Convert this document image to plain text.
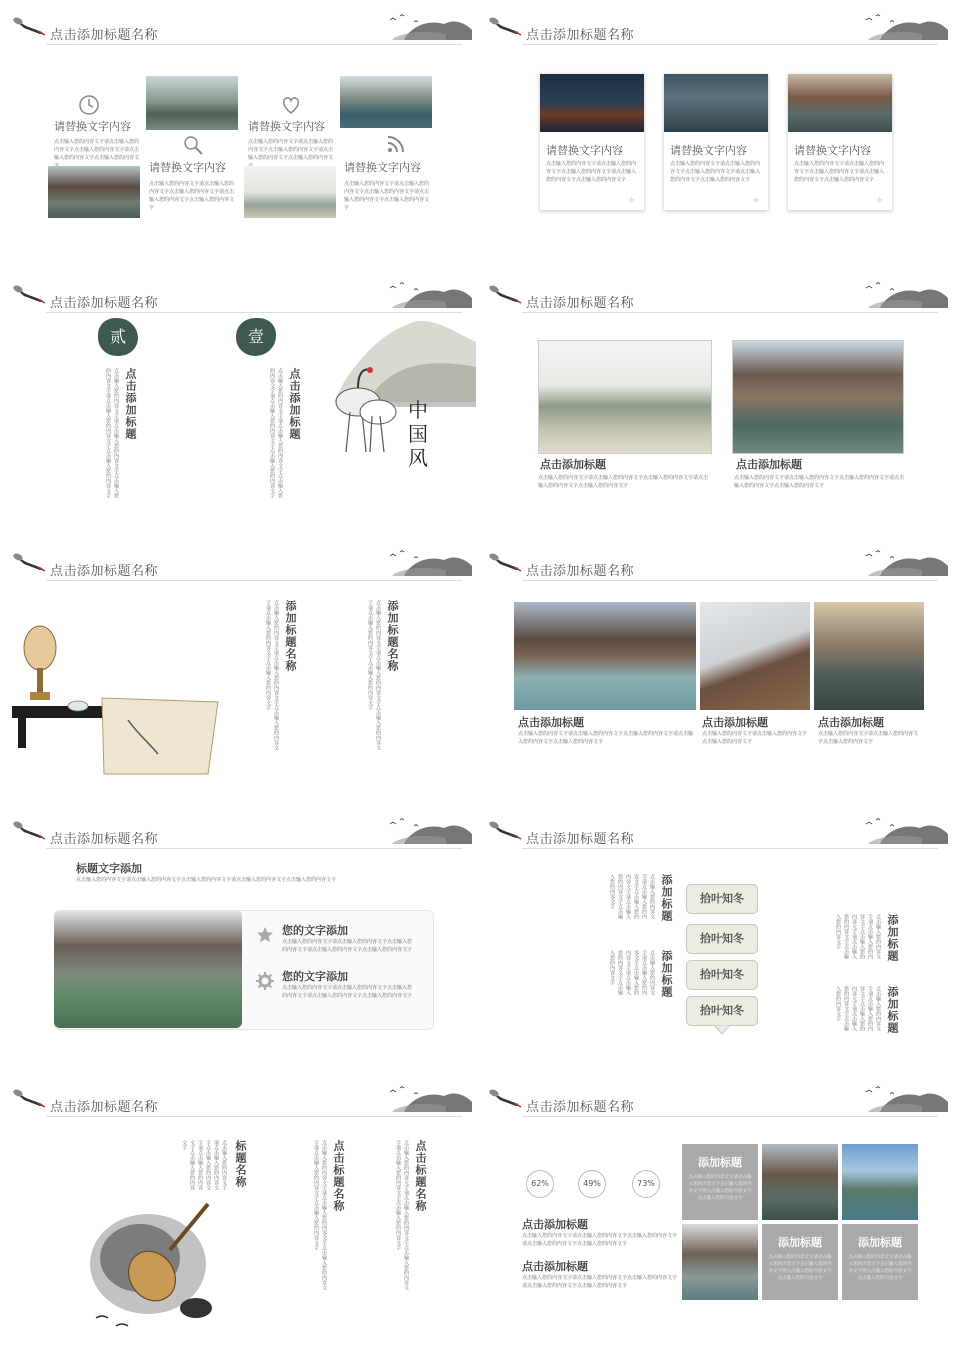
点击添加标题名称
请替换文字内容
点击输入您的内容文字请点击输入您的内容文字点击输入您的内容文字请点击输入您的内容文字点击输入您的内容文
请替换文字内容
点击输入您的内容文字请点击输入您的内容文字点击输入您的内容文字请点击输入您的内容文字点击输入您的内容文字
请替换文字内容
点击输入您的内容文字请点击输入您的内容文字点击输入您的内容文字请点击输入您的内容文字点击输入您的内容文
请替换文字内容
点击输入您的内容文字请点击输入您的内容文字点击输入您的内容文字请点击输入您的内容文字点击输入您的内容文字
点击添加标题名称
请替换文字内容
点击输入您的内容文字请点击输入您的内容文字点击输入您的内容文字请点击输入您的内容文字点击输入您的内容文字
+
请替换文字内容
点击输入您的内容文字请点击输入您的内容文字点击输入您的内容文字请点击输入您的内容文字点击输入您的内容文字
+
请替换文字内容
点击输入您的内容文字请点击输入您的内容文字点击输入您的内容文字请点击输入您的内容文字点击输入您的内容文字
+
点击添加标题名称
贰
点击添加标题
点击输入您的内容文字请点击输入您的内容文字点击输入您的内容文字请点击输入您的内容文字点击输入您的内容文字
壹
点击添加标题
点击输入您的内容文字请点击输入您的内容文字点击输入您的内容文字请点击输入您的内容文字点击输入您的内容文字	中国风
点击添加标题名称
点击添加标题
点击输入您的内容文字请点击输入您的内容文字点击输入您的内容文字请点击输入您的内容文字点击输入您的内容文字
点击添加标题
点击输入您的内容文字请点击输入您的内容文字点击输入您的内容文字请点击输入您的内容文字点击输入您的内容文字
点击添加标题名称
添加标题名称
点击输入您的内容文字请点击输入您的内容文字点击输入您的内容文字请点击输入您的内容文字点击输入您的内容文字	添加标题名称
点击输入您的内容文字请点击输入您的内容文字点击输入您的内容文字请点击输入您的内容文字点击输入您的内容文字
点击添加标题名称
点击添加标题
点击输入您的内容文字请点击输入您的内容文字点击输入您的内容文字请点击输入您的内容文字点击输入您的内容文字
点击添加标题
点击输入您的内容文字请点击输入您的内容文字点击输入您的内容文字
点击添加标题
点击输入您的内容文字请点击输入您的内容文字点击输入您的内容文字
点击添加标题名称
标题文字添加
点击输入您的内容文字请点击输入您的内容文字点击输入您的内容文字请点击输入您的内容文字点击输入您的内容文字
您的文字添加
点击输入您的内容文字请点击输入您的内容文字点击输入您的内容文字请点击输入您的内容文字点击输入您的内容文字
您的文字添加
点击输入您的内容文字请点击输入您的内容文字点击输入您的内容文字请点击输入您的内容文字点击输入您的内容文字
点击添加标题名称
添加标题
点击输入您的内容文字请点击输入您的内容文字点击输入您的内容文字请点击输入您的内容文字点击输入您的内容文字
添加标题
点击输入您的内容文字请点击输入您的内容文字点击输入您的内容文字请点击输入您的内容文字点击输入您的内容文字
拾叶知冬
拾叶知冬
拾叶知冬
拾叶知冬
添加标题
点击输入您的内容文字请点击输入您的内容文字点击输入您的内容文字请点击输入您的内容文字点击输入您的内容文字
添加标题
点击输入您的内容文字请点击输入您的内容文字点击输入您的内容文字请点击输入您的内容文字点击输入您的内容文字
点击添加标题名称
标题名称
点击输入您的内容文字请点击输入您的内容文字点击输入您的内容文字请点击输入您的内容文字点击输入您的内容文字	点击标题名称
点击输入您的内容文字请点击输入您的内容文字点击输入您的内容文字请点击输入您的内容文字点击输入您的内容文字	点击标题名称
点击输入您的内容文字请点击输入您的内容文字点击输入您的内容文字请点击输入您的内容文字点击输入您的内容文字
点击添加标题名称
62%	49%	73%
点击添加标题
点击输入您的内容文字请点击输入您的内容文字点击输入您的内容文字请点击输入您的内容文字点击输入您的内容文字
点击添加标题
点击输入您的内容文字请点击输入您的内容文字点击输入您的内容文字请点击输入您的内容文字点击输入您的内容文字
添加标题
点击输入您的内容文字请点击输入您的内容文字点击输入您的内容文字请点击输入您的内容文字点击输入您的内容文字
添加标题
点击输入您的内容文字请点击输入您的内容文字点击输入您的内容文字请点击输入您的内容文字点击输入您的内容文字
添加标题
点击输入您的内容文字请点击输入您的内容文字点击输入您的内容文字请点击输入您的内容文字点击输入您的内容文字
